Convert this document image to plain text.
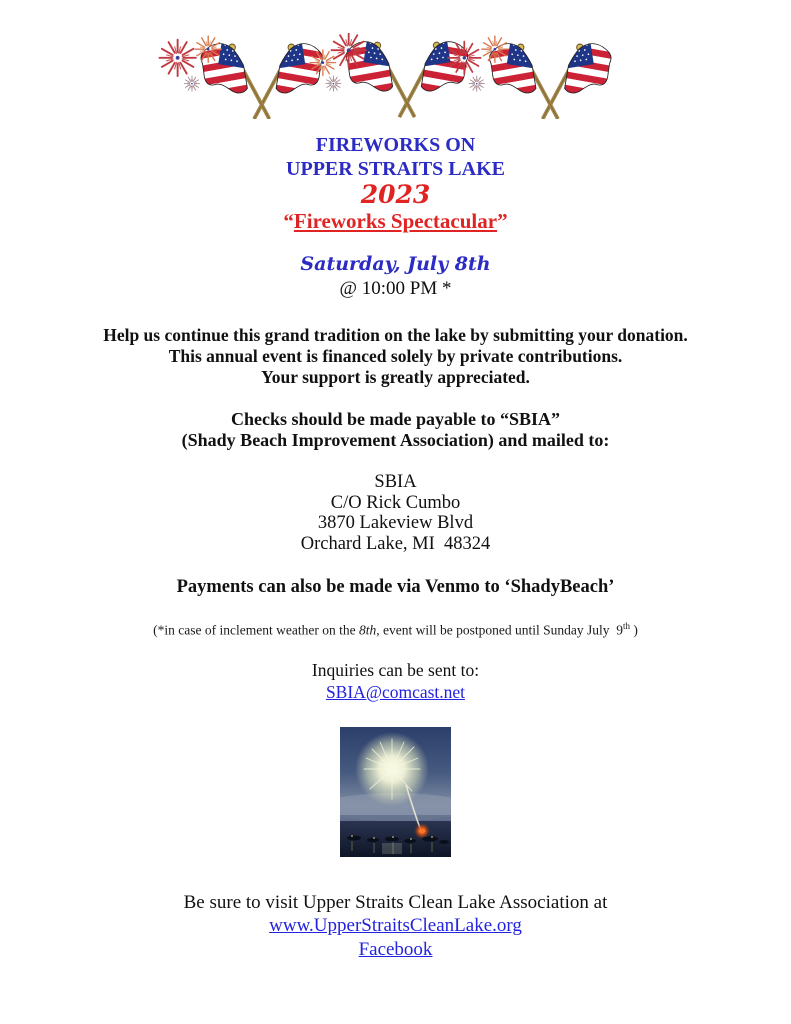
FIREWORKS ON
UPPER STRAITS LAKE
2023
“Fireworks Spectacular”
Saturday, July 8th
@ 10:00 PM *
Help us continue this grand tradition on the lake by submitting your donation.
This annual event is financed solely by private contributions.
Your support is greatly appreciated.
Checks should be made payable to “SBIA”
(Shady Beach Improvement Association) and mailed to:
SBIA
C/O Rick Cumbo
3870 Lakeview Blvd
Orchard Lake, MI  48324
Payments can also be made via Venmo to ‘ShadyBeach’
(*in case of inclement weather on the 8th, event will be postponed until Sunday July  9th )
Inquiries can be sent to:
SBIA@comcast.net
Be sure to visit Upper Straits Clean Lake Association at
www.UpperStraitsCleanLake.org
Facebook
